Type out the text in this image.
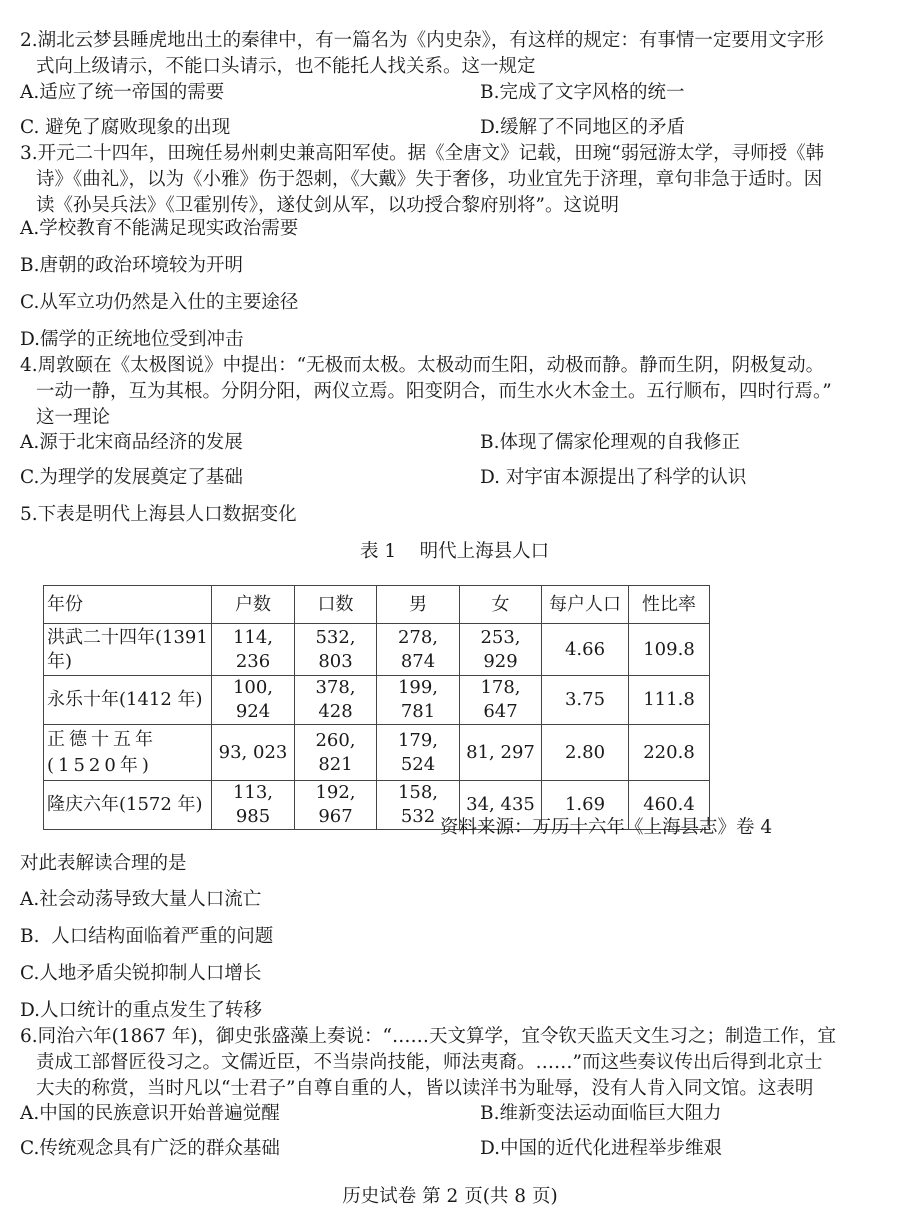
2.湖北云梦县睡虎地出土的秦律中，有一篇名为《内史杂》，有这样的规定：有事情一定要用文字形
式向上级请示，不能口头请示，也不能托人找关系。这一规定
A.适应了统一帝国的需要	B.完成了文字风格的统一
C. 避免了腐败现象的出现	D.缓解了不同地区的矛盾
3.开元二十四年，田琬任易州刺史兼高阳军使。据《全唐文》记载，田琬“弱冠游太学，寻师授《韩
诗》《曲礼》，以为《小雅》伤于怨刺，《大戴》失于奢侈，功业宜先于济理，章句非急于适时。因
读《孙吴兵法》《卫霍别传》，遂仗剑从军，以功授合黎府别将”。这说明
A.学校教育不能满足现实政治需要
B.唐朝的政治环境较为开明
C.从军立功仍然是入仕的主要途径
D.儒学的正统地位受到冲击
4.周敦颐在《太极图说》中提出：“无极而太极。太极动而生阳，动极而静。静而生阴，阴极复动。
一动一静，互为其根。分阴分阳，两仪立焉。阳变阴合，而生水火木金土。五行顺布，四时行焉。”
这一理论
A.源于北宋商品经济的发展	B.体现了儒家伦理观的自我修正
C.为理学的发展奠定了基础	D. 对宇宙本源提出了科学的认识
5.下表是明代上海县人口数据变化
表 1    明代上海县人口
年份	户数	口数	男	女	每户人口	性比率
洪武二十四年(1391年)	114, 236	532, 803	278, 874	253, 929	4.66	109.8
永乐十年(1412 年)	100, 924	378, 428	199, 781	178, 647	3.75	111.8
正德十五年(1520年)	93, 023	260, 821	179, 524	81, 297	2.80	220.8
隆庆六年(1572 年)	113, 985	192, 967	158, 532	34, 435	1.69	460.4
资料来源：万历十六年《上海县志》卷 4
对此表解读合理的是
A.社会动荡导致大量人口流亡
B.  人口结构面临着严重的问题
C.人地矛盾尖锐抑制人口增长
D.人口统计的重点发生了转移
6.同治六年(1867 年)，御史张盛藻上奏说：“……天文算学，宜令钦天监天文生习之；制造工作，宜
责成工部督匠役习之。文儒近臣，不当崇尚技能，师法夷裔。……”而这些奏议传出后得到北京士
大夫的称赏，当时凡以“士君子”自尊自重的人，皆以读洋书为耻辱，没有人肯入同文馆。这表明
A.中国的民族意识开始普遍觉醒	B.维新变法运动面临巨大阻力
C.传统观念具有广泛的群众基础	D.中国的近代化进程举步维艰
历史试卷 第 2 页(共 8 页)
